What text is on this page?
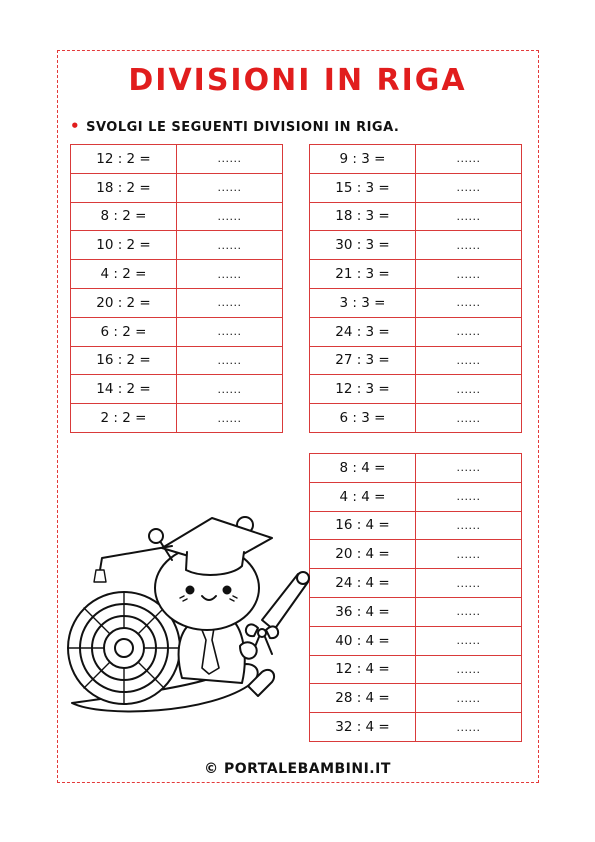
DIVISIONI IN RIGA
• SVOLGI LE SEGUENTI DIVISIONI IN RIGA.
12 : 2 =	......
18 : 2 =	......
8 : 2 =	......
10 : 2 =	......
4 : 2 =	......
20 : 2 =	......
6 : 2 =	......
16 : 2 =	......
14 : 2 =	......
2 : 2 =	......
9 : 3 =	......
15 : 3 =	......
18 : 3 =	......
30 : 3 =	......
21 : 3 =	......
3 : 3 =	......
24 : 3 =	......
27 : 3 =	......
12 : 3 =	......
6 : 3 =	......
8 : 4 =	......
4 : 4 =	......
16 : 4 =	......
20 : 4 =	......
24 : 4 =	......
36 : 4 =	......
40 : 4 =	......
12 : 4 =	......
28 : 4 =	......
32 : 4 =	......
© PORTALEBAMBINI.IT
